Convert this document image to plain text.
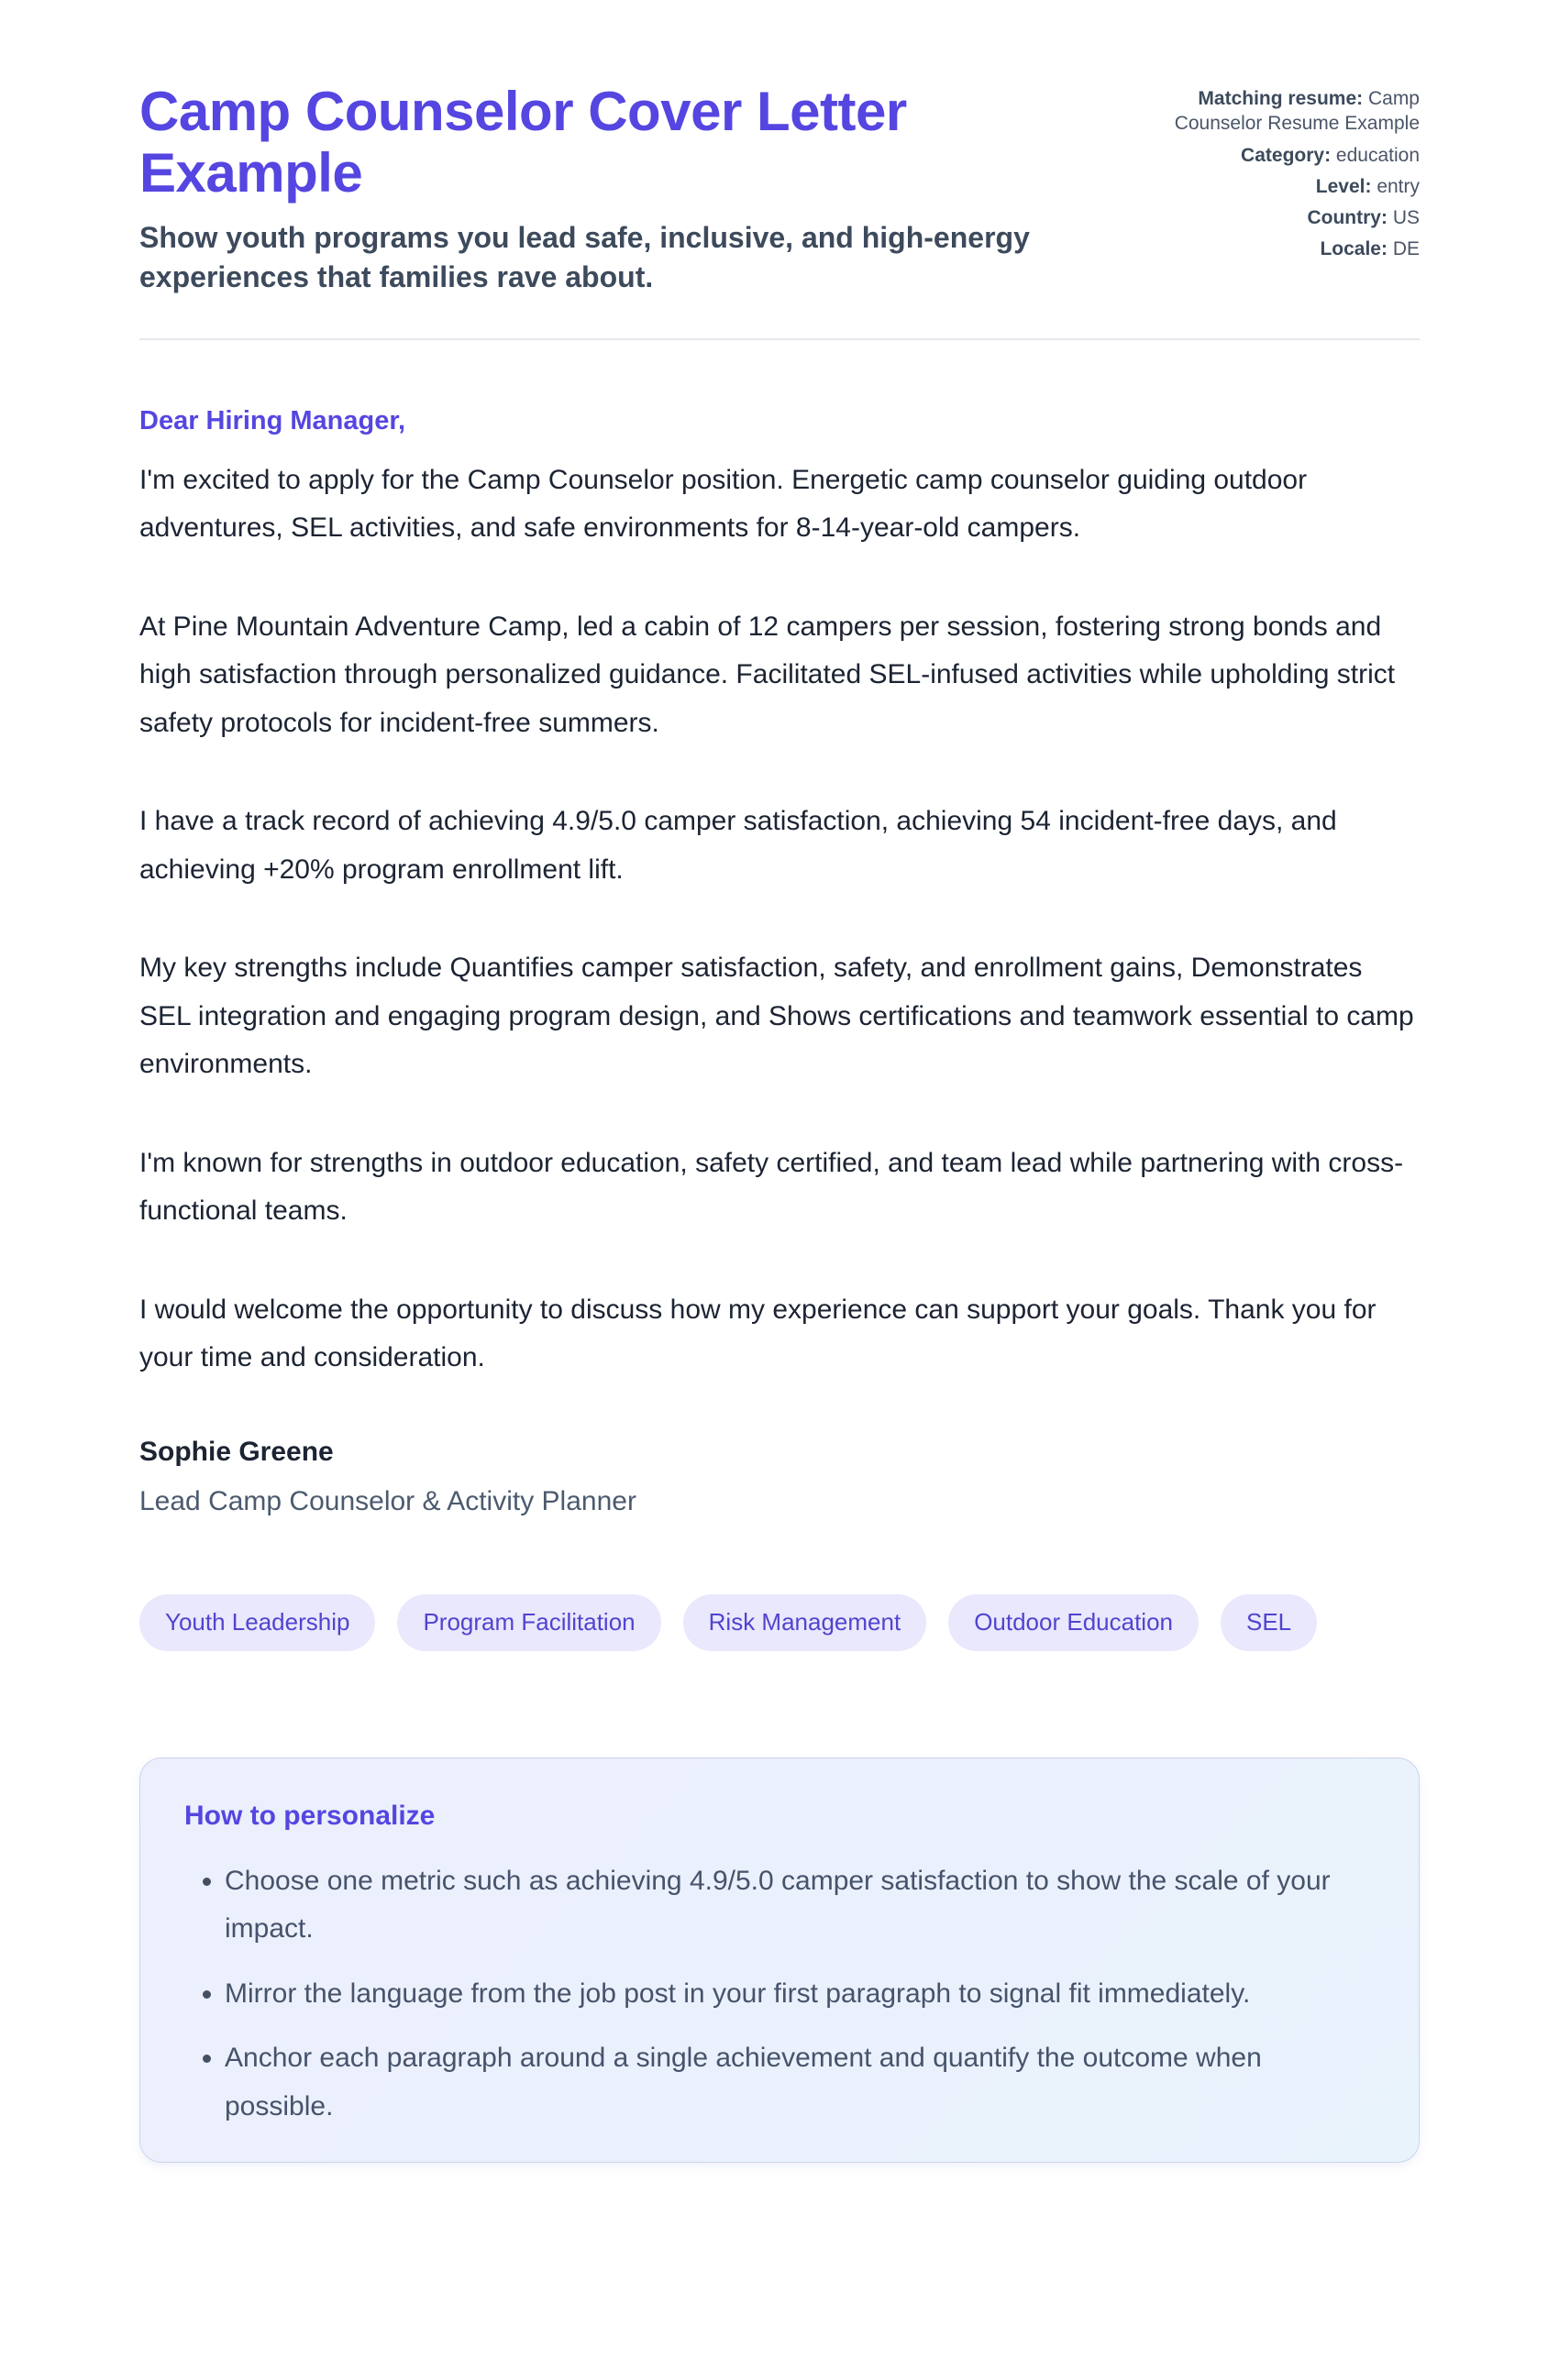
Camp Counselor Cover Letter Example

Show youth programs you lead safe, inclusive, and high-energy experiences that families rave about.

Matching resume: Camp Counselor Resume Example
Category: education
Level: entry
Country: US
Locale: DE

Dear Hiring Manager,

I'm excited to apply for the Camp Counselor position. Energetic camp counselor guiding outdoor adventures, SEL activities, and safe environments for 8-14-year-old campers.

At Pine Mountain Adventure Camp, led a cabin of 12 campers per session, fostering strong bonds and high satisfaction through personalized guidance. Facilitated SEL-infused activities while upholding strict safety protocols for incident-free summers.

I have a track record of achieving 4.9/5.0 camper satisfaction, achieving 54 incident-free days, and achieving +20% program enrollment lift.

My key strengths include Quantifies camper satisfaction, safety, and enrollment gains, Demonstrates SEL integration and engaging program design, and Shows certifications and teamwork essential to camp environments.

I'm known for strengths in outdoor education, safety certified, and team lead while partnering with cross-functional teams.

I would welcome the opportunity to discuss how my experience can support your goals. Thank you for your time and consideration.

Sophie Greene

Lead Camp Counselor & Activity Planner

Youth Leadership	Program Facilitation	Risk Management	Outdoor Education	SEL
How to personalize
• Choose one metric such as achieving 4.9/5.0 camper satisfaction to show the scale of your impact.
• Mirror the language from the job post in your first paragraph to signal fit immediately.
• Anchor each paragraph around a single achievement and quantify the outcome when possible.
